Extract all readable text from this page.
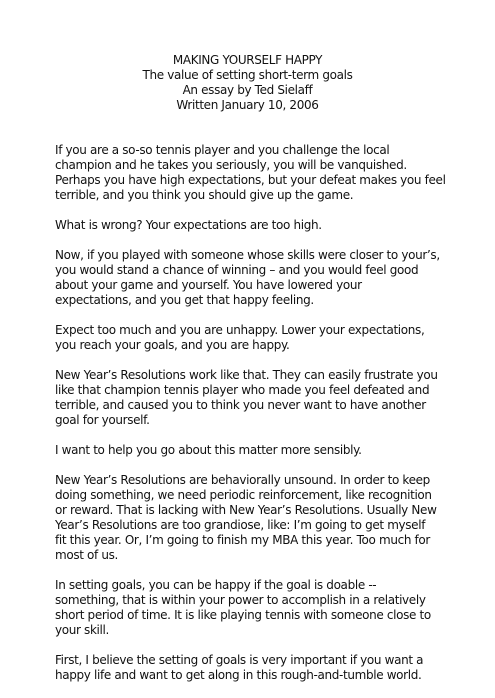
MAKING YOURSELF HAPPY
The value of setting short-term goals
An essay by Ted Sielaff
Written January 10, 2006
If you are a so-so tennis player and you challenge the local
champion and he takes you seriously, you will be vanquished.
Perhaps you have high expectations, but your defeat makes you feel
terrible, and you think you should give up the game.
What is wrong? Your expectations are too high.
Now, if you played with someone whose skills were closer to your’s,
you would stand a chance of winning – and you would feel good
about your game and yourself. You have lowered your
expectations, and you get that happy feeling.
Expect too much and you are unhappy. Lower your expectations,
you reach your goals, and you are happy.
New Year’s Resolutions work like that. They can easily frustrate you
like that champion tennis player who made you feel defeated and
terrible, and caused you to think you never want to have another
goal for yourself.
I want to help you go about this matter more sensibly.
New Year’s Resolutions are behaviorally unsound. In order to keep
doing something, we need periodic reinforcement, like recognition
or reward. That is lacking with New Year’s Resolutions. Usually New
Year’s Resolutions are too grandiose, like: I’m going to get myself
fit this year. Or, I’m going to finish my MBA this year. Too much for
most of us.
In setting goals, you can be happy if the goal is doable --
something, that is within your power to accomplish in a relatively
short period of time. It is like playing tennis with someone close to
your skill.
First, I believe the setting of goals is very important if you want a
happy life and want to get along in this rough-and-tumble world.
